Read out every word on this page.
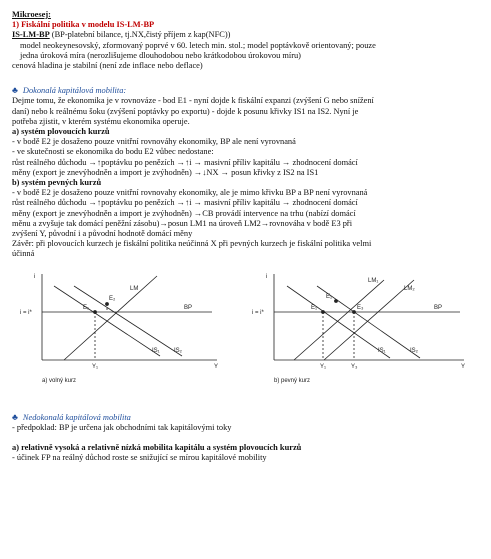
Mikroesej:
1) Fiskální politika v modelu IS-LM-BP
IS-LM-BP (BP-platební bilance, tj.NX,čistý příjem z kap(NFC))
model neokeynesovský, zformovaný poprvé v 60. letech min. stol.; model poptávkově orientovaný; pouze
jedna úroková míra (nerozlišujeme dlouhodobou nebo krátkodobou úrokovou míru)
cenová hladina je stabilní (není zde inflace nebo deflace)
♣ Dokonalá kapitálová mobilita:
Dejme tomu, že ekonomika je v rovnováze - bod E1 - nyní dojde k fiskální expanzi (zvýšení G nebo snížení
daní) nebo k reálnému šoku (zvýšení poptávky po exportu) - dojde k posunu křivky IS1 na IS2. Nyní je
potřeba zjistit, v kterém systému ekonomika operuje.
a) systém plovoucích kurzů
- v bodě E2 je dosaženo pouze vnitřní rovnováhy ekonomiky, BP ale není vyrovnaná
- ve skutečnosti se ekonomika do bodu E2 vůbec nedostane:
růst reálného důchodu →↑poptávku po penězích →↑i → masivní příliv kapitálu → zhodnocení domácí
měny (export je znevýhodněn a import je zvýhodněn) →↓NX → posun křivky z IS2 na IS1
b) systém pevných kurzů
- v bodě E2 je dosaženo pouze vnitřní rovnovahy ekonomiky, ale je mimo křivku BP a BP není vyrovnaná
růst reálného důchodu →↑poptávku po penězích →↑i → masivní příliv kapitálu → zhodnocení domácí
měny (export je znevýhodněn a import je zvýhodněn) →CB provádí intervence na trhu (nabízí domácí
měnu a zvyšuje tak domácí peněžní zásobu)→posun LM1 na úroveň LM2→rovnováha v bodě E3 při
zvýšení Y, původní i a původní hodnotě domácí měny
Závěr: při plovoucích kurzech je fiskální politika neúčinná X při pevných kurzech je fiskální politika velmi
účinná
i
i = i*
LM
BP
IS₁ IS₂
E₁
E₂
Y₁	Y
a) volný kurz
i
i = i*
LM₁
LM₂
BP
IS₁	IS₂
E₁
E₂
E₃
Y₁	Y₃	Y
b) pevný kurz
♣ Nedokonalá kapitálová mobilita
- předpoklad: BP je určena jak obchodními tak kapitálovými toky
a) relativně vysoká a relativně nízká mobilita kapitálu a systém plovoucích kurzů
- účinek FP na reálný důchod roste se snižující se mírou kapitálové mobility
